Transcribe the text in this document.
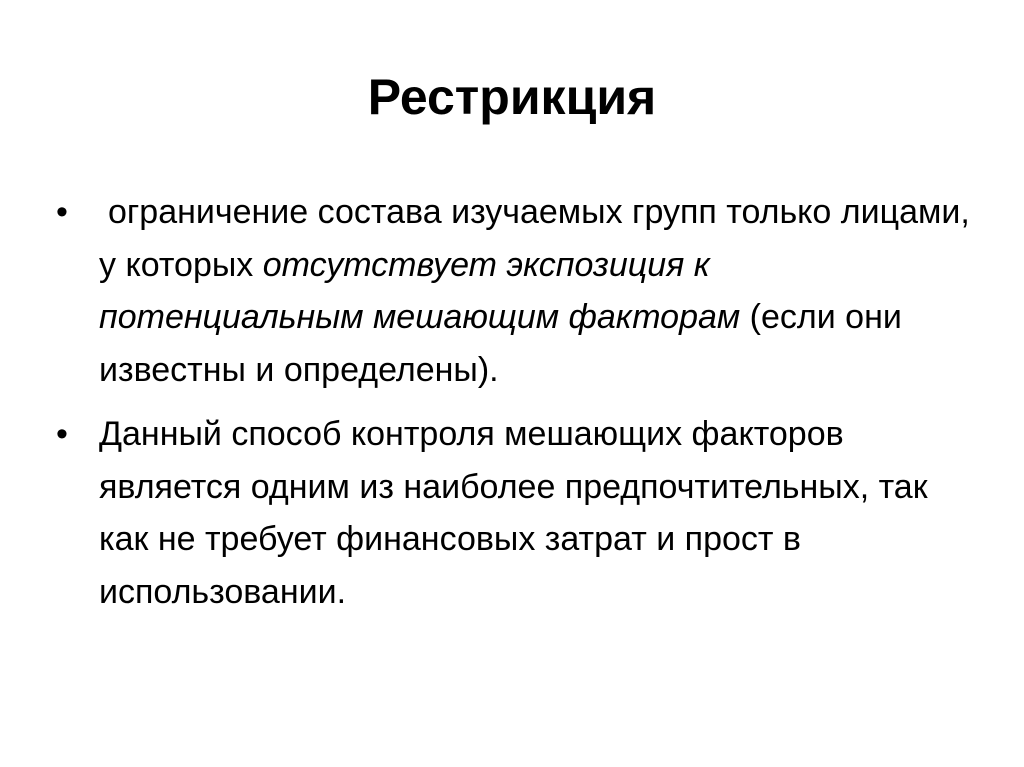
Рестрикция
•	ограничение состава изучаемых групп только лицами, у которых отсутствует экспозиция к потенциальным мешающим факторам (если они известны и определены).
• Данный способ контроля мешающих факторов является одним из наиболее предпочтительных, так как не требует финансовых затрат и прост в использовании.
